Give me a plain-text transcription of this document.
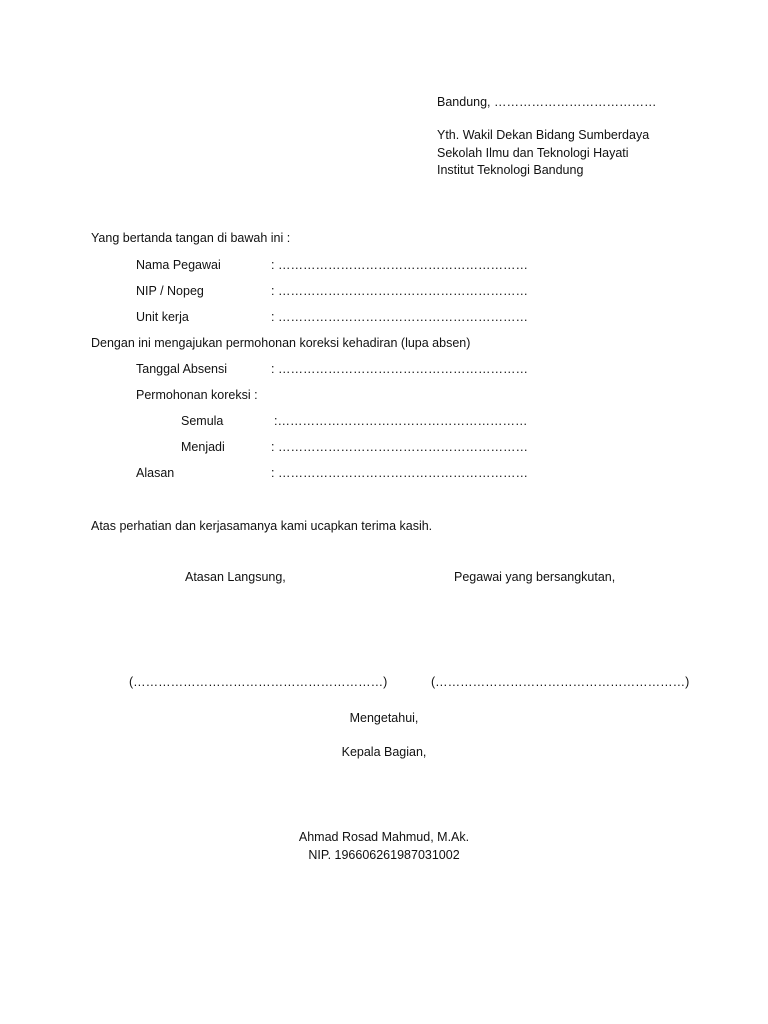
Bandung, …………………………………
Yth. Wakil Dekan Bidang Sumberdaya
Sekolah Ilmu dan Teknologi Hayati
Institut Teknologi Bandung
Yang bertanda tangan di bawah ini :
Nama Pegawai	: ……………………………………………………
NIP / Nopeg	: ……………………………………………………
Unit kerja	: ……………………………………………………
Dengan ini mengajukan permohonan koreksi kehadiran (lupa absen)
Tanggal Absensi	: ……………………………………………………
Permohonan koreksi :
Semula	:……………………………………………………
Menjadi	: ……………………………………………………
Alasan	: ……………………………………………………
Atas perhatian dan kerjasamanya kami ucapkan terima kasih.
Atasan Langsung,	Pegawai yang bersangkutan,
(……………………………………………………)	(……………………………………………………)
Mengetahui,
Kepala Bagian,
Ahmad Rosad Mahmud, M.Ak.
NIP. 196606261987031002
